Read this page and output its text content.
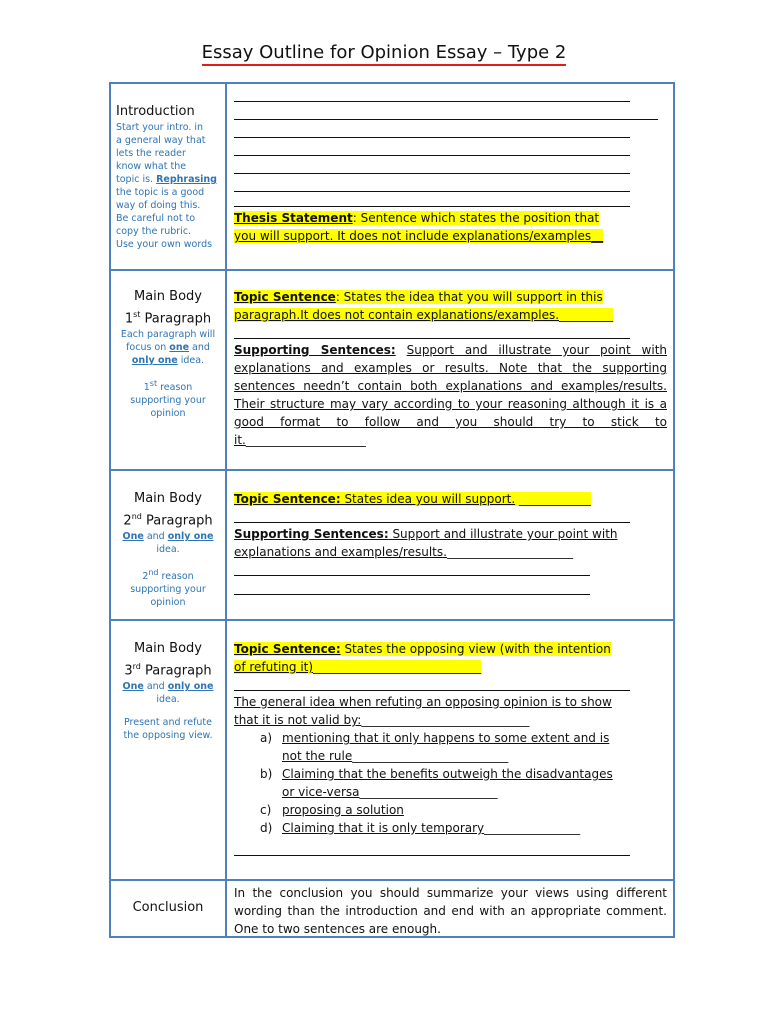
Essay Outline for Opinion Essay – Type 2
Introduction
Start your intro. in
a general way that
lets the reader
know what the
topic is. Rephrasing
the topic is a good
way of doing this.
Be careful not to
copy the rubric.
Use your own words
Thesis Statement: Sentence which states the position that
you will support. It does not include explanations/examples__
Main Body
1st Paragraph
Each paragraph will
focus on one and
only one idea.
1st reason
supporting your
opinion
Topic Sentence: States the idea that you will support in this
paragraph.It does not contain explanations/examples._________
Supporting Sentences: Support and illustrate your point with explanations and examples or results. Note that the supporting sentences needn’t contain both explanations and examples/results. Their structure may vary according to your reasoning although it is a good format to follow and you should try to stick to it.____________________
Main Body
2nd Paragraph
One and only one
idea.
2nd reason
supporting your
opinion
Topic Sentence: States idea you will support. ____________
Supporting Sentences: Support and illustrate your point with
explanations and examples/results._____________________
Main Body
3rd Paragraph
One and only one
idea.
Present and refute
the opposing view.
Topic Sentence: States the opposing view (with the intention
of refuting it)____________________________
The general idea when refuting an opposing opinion is to show
that it is not valid by:____________________________
a) mentioning that it only happens to some extent and is
not the rule__________________________
b) Claiming that the benefits outweigh the disadvantages
or vice-versa_______________________
c) proposing a solution
d) Claiming that it is only temporary________________
Conclusion
In the conclusion you should summarize your views using different wording than the introduction and end with an appropriate comment. One to two sentences are enough.
